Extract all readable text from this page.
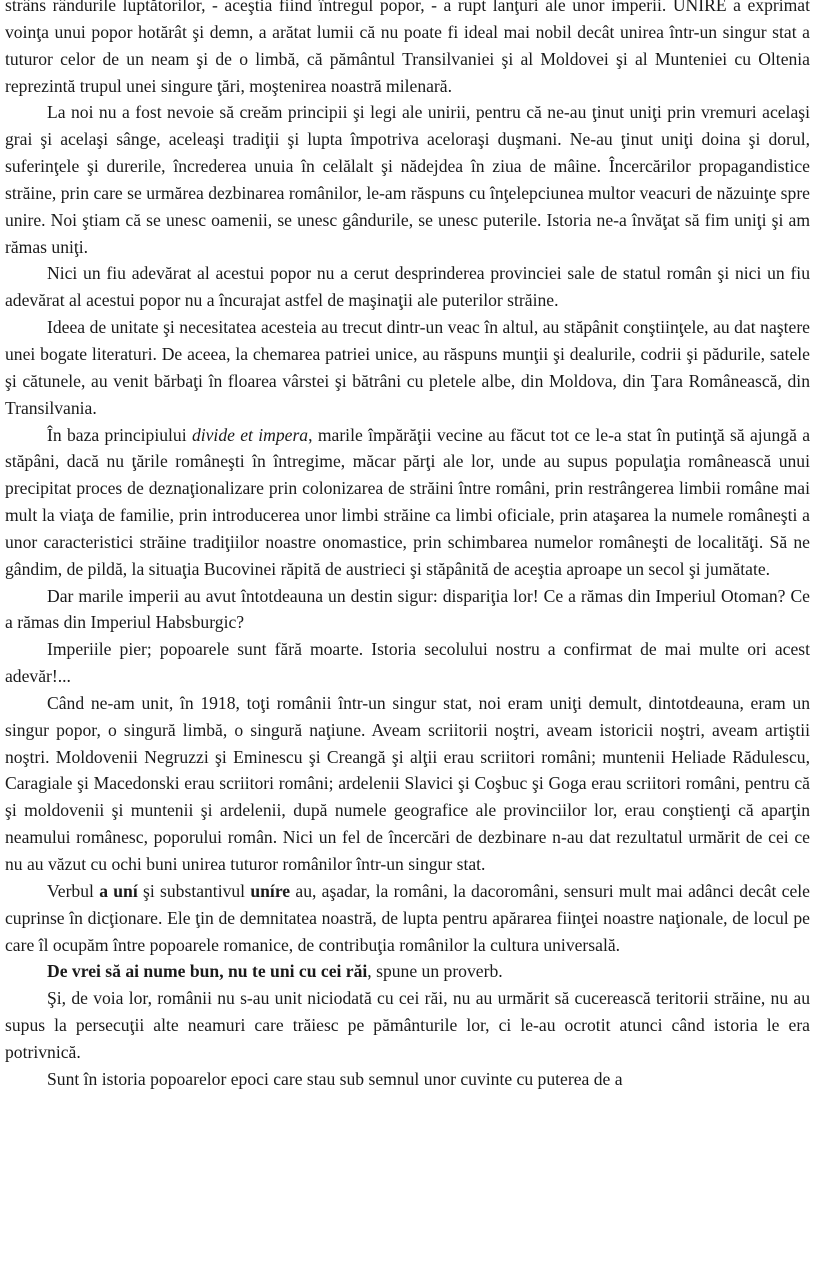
strâns rândurile luptătorilor, - aceştia fiind întregul popor, - a rupt lanţuri ale unor imperii. UNIRE a exprimat voinţa unui popor hotărât şi demn, a arătat lumii că nu poate fi ideal mai nobil decât unirea într-un singur stat a tuturor celor de un neam şi de o limbă, că pământul Transilvaniei şi al Moldovei şi al Munteniei cu Oltenia reprezintă trupul unei singure ţări, moştenirea noastră milenară.

La noi nu a fost nevoie să creăm principii şi legi ale unirii, pentru că ne-au ţinut uniţi prin vremuri acelaşi grai şi acelaşi sânge, aceleaşi tradiţii şi lupta împotriva aceloraşi duşmani. Ne-au ţinut uniţi doina şi dorul, suferinţele şi durerile, încrederea unuia în celălalt şi nădejdea în ziua de mâine. Încercărilor propagandistice străine, prin care se urmărea dezbinarea românilor, le-am răspuns cu înţelepciunea multor veacuri de năzuinţe spre unire. Noi ştiam că se unesc oamenii, se unesc gândurile, se unesc puterile. Istoria ne-a învăţat să fim uniţi şi am rămas uniţi.

Nici un fiu adevărat al acestui popor nu a cerut desprinderea provinciei sale de statul român şi nici un fiu adevărat al acestui popor nu a încurajat astfel de maşinaţii ale puterilor străine.

Ideea de unitate şi necesitatea acesteia au trecut dintr-un veac în altul, au stăpânit conştiinţele, au dat naştere unei bogate literaturi. De aceea, la chemarea patriei unice, au răspuns munţii şi dealurile, codrii şi pădurile, satele şi cătunele, au venit bărbaţi în floarea vârstei şi bătrâni cu pletele albe, din Moldova, din Ţara Românească, din Transilvania.

În baza principiului divide et impera, marile împărăţii vecine au făcut tot ce le-a stat în putinţă să ajungă a stăpâni, dacă nu ţările româneşti în întregime, măcar părţi ale lor, unde au supus populaţia românească unui precipitat proces de deznaţionalizare prin colonizarea de străini între români, prin restrângerea limbii române mai mult la viaţa de familie, prin introducerea unor limbi străine ca limbi oficiale, prin ataşarea la numele româneşti a unor caracteristici străine tradiţiilor noastre onomastice, prin schimbarea numelor româneşti de localităţi. Să ne gândim, de pildă, la situaţia Bucovinei răpită de austrieci şi stăpânită de aceştia aproape un secol şi jumătate.

Dar marile imperii au avut întotdeauna un destin sigur: dispariţia lor! Ce a rămas din Imperiul Otoman? Ce a rămas din Imperiul Habsburgic?

Imperiile pier; popoarele sunt fără moarte. Istoria secolului nostru a confirmat de mai multe ori acest adevăr!...

Când ne-am unit, în 1918, toţi românii într-un singur stat, noi eram uniţi demult, dintotdeauna, eram un singur popor, o singură limbă, o singură naţiune. Aveam scriitorii noştri, aveam istoricii noştri, aveam artiştii noştri. Moldovenii Negruzzi şi Eminescu şi Creangă şi alţii erau scriitori români; muntenii Heliade Rădulescu, Caragiale şi Macedonski erau scriitori români; ardelenii Slavici şi Coşbuc şi Goga erau scriitori români, pentru că şi moldovenii şi muntenii şi ardelenii, după numele geografice ale provinciilor lor, erau conştienţi că aparţin neamului românesc, poporului român. Nici un fel de încercări de dezbinare n-au dat rezultatul urmărit de cei ce nu au văzut cu ochi buni unirea tuturor românilor într-un singur stat.

Verbul a uní şi substantivul uníre au, aşadar, la români, la dacoromâni, sensuri mult mai adânci decât cele cuprinse în dicţionare. Ele ţin de demnitatea noastră, de lupta pentru apărarea fiinţei noastre naţionale, de locul pe care îl ocupăm între popoarele romanice, de contribuţia românilor la cultura universală.

De vrei să ai nume bun, nu te uni cu cei răi, spune un proverb.

Şi, de voia lor, românii nu s-au unit niciodată cu cei răi, nu au urmărit să cucerească teritorii străine, nu au supus la persecuţii alte neamuri care trăiesc pe pământurile lor, ci le-au ocrotit atunci când istoria le era potrivnică.

Sunt în istoria popoarelor epoci care stau sub semnul unor cuvinte cu puterea de a
